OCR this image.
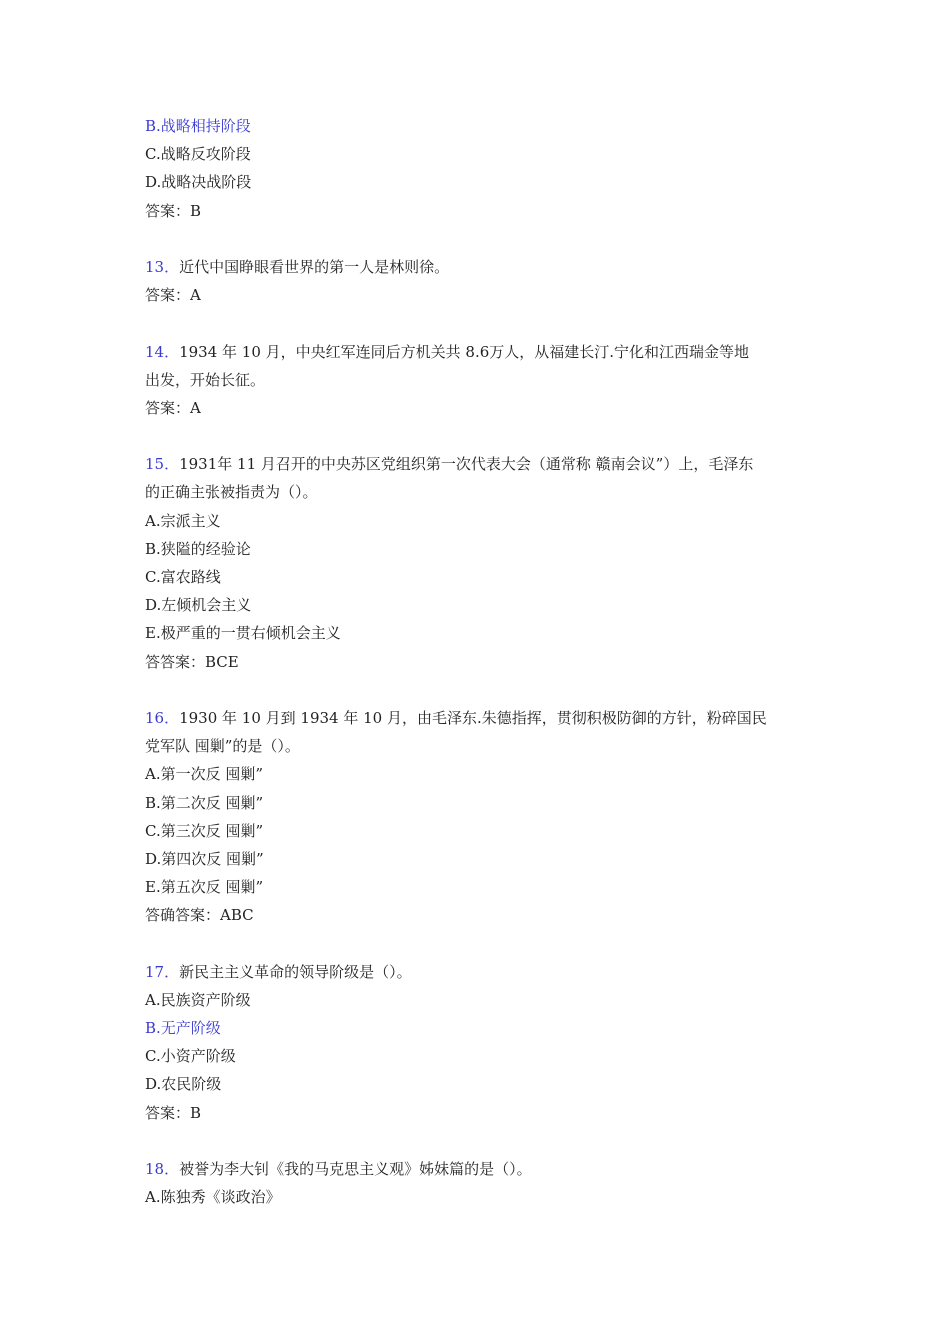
B.战略相持阶段
C.战略反攻阶段
D.战略决战阶段
答案：B
13．近代中国睁眼看世界的第一人是林则徐。
答案：A
14．1934 年 10 月，中央红军连同后方机关共 8.6万人，从福建长汀.宁化和江西瑞金等地
出发，开始长征。
答案：A
15．1931年 11 月召开的中央苏区党组织第一次代表大会（通常称 赣南会议”）上，毛泽东
的正确主张被指责为（）。
A.宗派主义
B.狭隘的经验论
C.富农路线
D.左倾机会主义
E.极严重的一贯右倾机会主义
答答案：BCE
16．1930 年 10 月到 1934 年 10 月，由毛泽东.朱德指挥，贯彻积极防御的方针，粉碎国民
党军队 囤剿”的是（）。
A.第一次反 囤剿”
B.第二次反 囤剿”
C.第三次反 囤剿”
D.第四次反 囤剿”
E.第五次反 囤剿”
答确答案：ABC
17．新民主主义革命的领导阶级是（）。
A.民族资产阶级
B.无产阶级
C.小资产阶级
D.农民阶级
答案：B
18．被誉为李大钊《我的马克思主义观》姊妹篇的是（）。
A.陈独秀《谈政治》
